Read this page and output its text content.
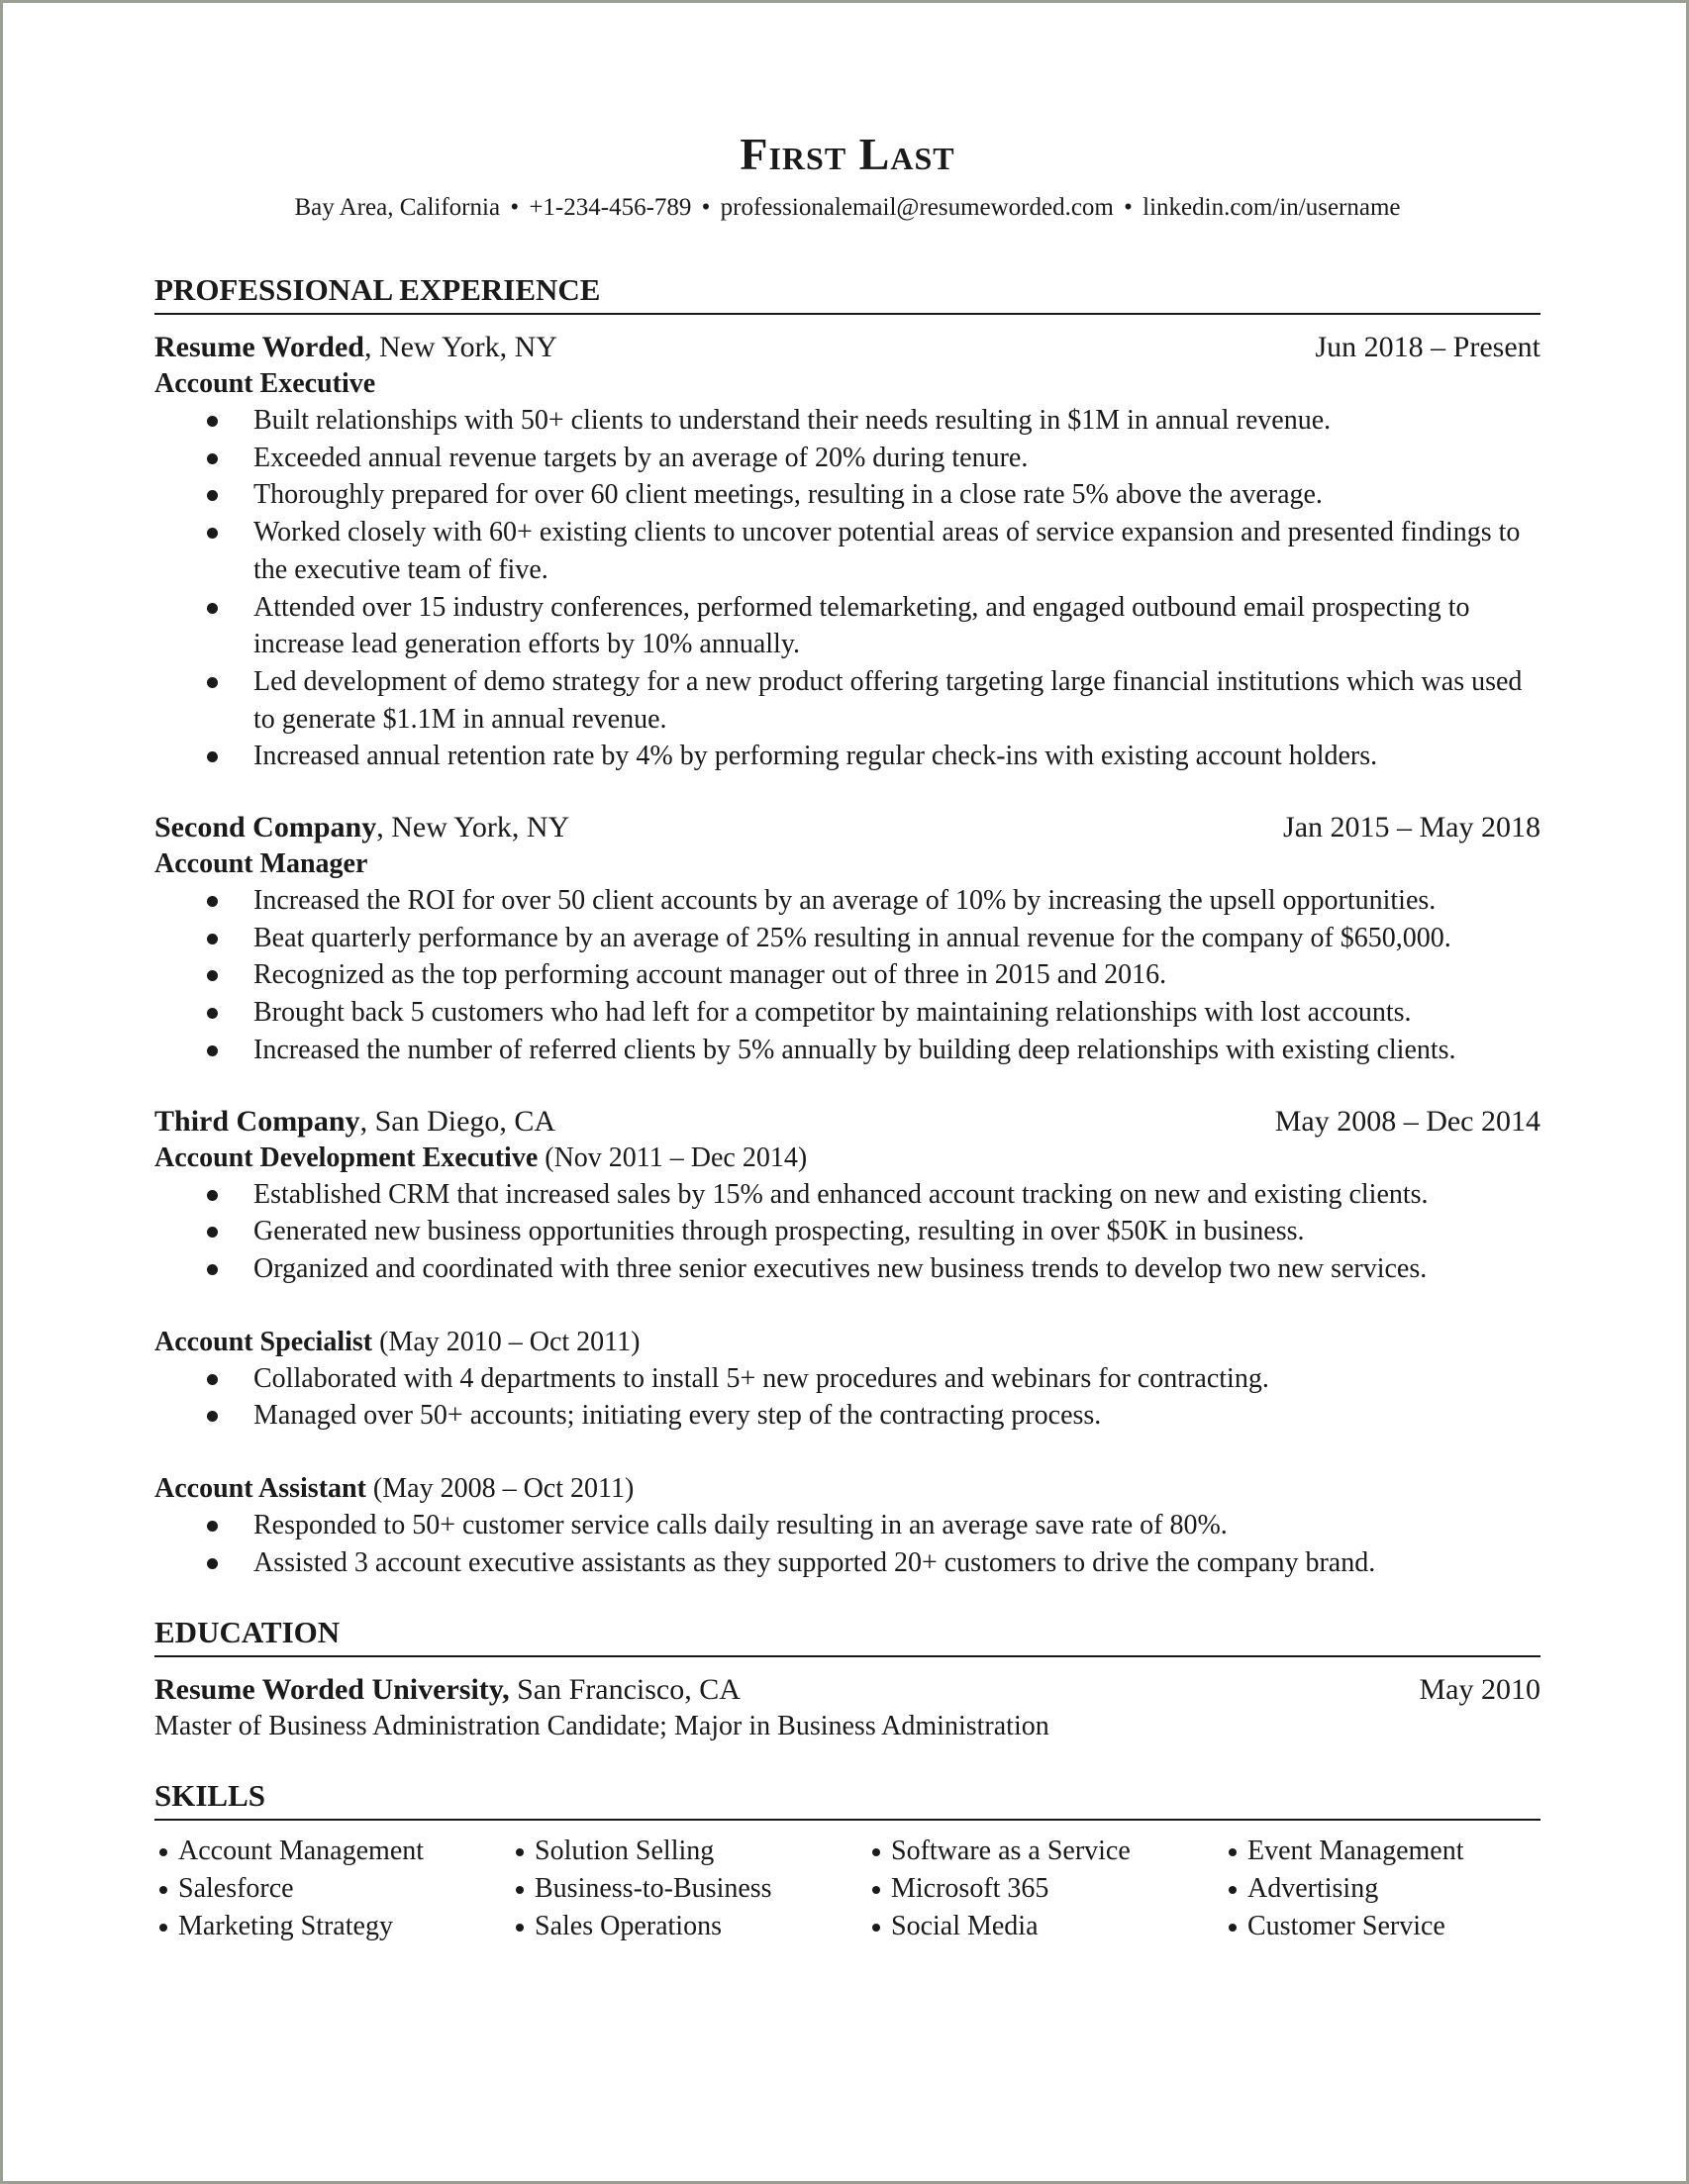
First Last
Bay Area, California • +1-234-456-789 • professionalemail@resumeworded.com • linkedin.com/in/username
PROFESSIONAL EXPERIENCE
Resume Worded, New York, NY	Jun 2018 – Present
Account Executive
Built relationships with 50+ clients to understand their needs resulting in $1M in annual revenue.
Exceeded annual revenue targets by an average of 20% during tenure.
Thoroughly prepared for over 60 client meetings, resulting in a close rate 5% above the average.
Worked closely with 60+ existing clients to uncover potential areas of service expansion and presented findings to the executive team of five.
Attended over 15 industry conferences, performed telemarketing, and engaged outbound email prospecting to increase lead generation efforts by 10% annually.
Led development of demo strategy for a new product offering targeting large financial institutions which was used to generate $1.1M in annual revenue.
Increased annual retention rate by 4% by performing regular check-ins with existing account holders.
Second Company, New York, NY	Jan 2015 – May 2018
Account Manager
Increased the ROI for over 50 client accounts by an average of 10% by increasing the upsell opportunities.
Beat quarterly performance by an average of 25% resulting in annual revenue for the company of $650,000.
Recognized as the top performing account manager out of three in 2015 and 2016.
Brought back 5 customers who had left for a competitor by maintaining relationships with lost accounts.
Increased the number of referred clients by 5% annually by building deep relationships with existing clients.
Third Company, San Diego, CA	May 2008 – Dec 2014
Account Development Executive (Nov 2011 – Dec 2014)
Established CRM that increased sales by 15% and enhanced account tracking on new and existing clients.
Generated new business opportunities through prospecting, resulting in over $50K in business.
Organized and coordinated with three senior executives new business trends to develop two new services.
Account Specialist (May 2010 – Oct 2011)
Collaborated with 4 departments to install 5+ new procedures and webinars for contracting.
Managed over 50+ accounts; initiating every step of the contracting process.
Account Assistant (May 2008 – Oct 2011)
Responded to 50+ customer service calls daily resulting in an average save rate of 80%.
Assisted 3 account executive assistants as they supported 20+ customers to drive the company brand.
EDUCATION
Resume Worded University, San Francisco, CA	May 2010
Master of Business Administration Candidate; Major in Business Administration
SKILLS
Account Management	Solution Selling	Software as a Service	Event Management
Salesforce	Business-to-Business	Microsoft 365	Advertising
Marketing Strategy	Sales Operations	Social Media	Customer Service
